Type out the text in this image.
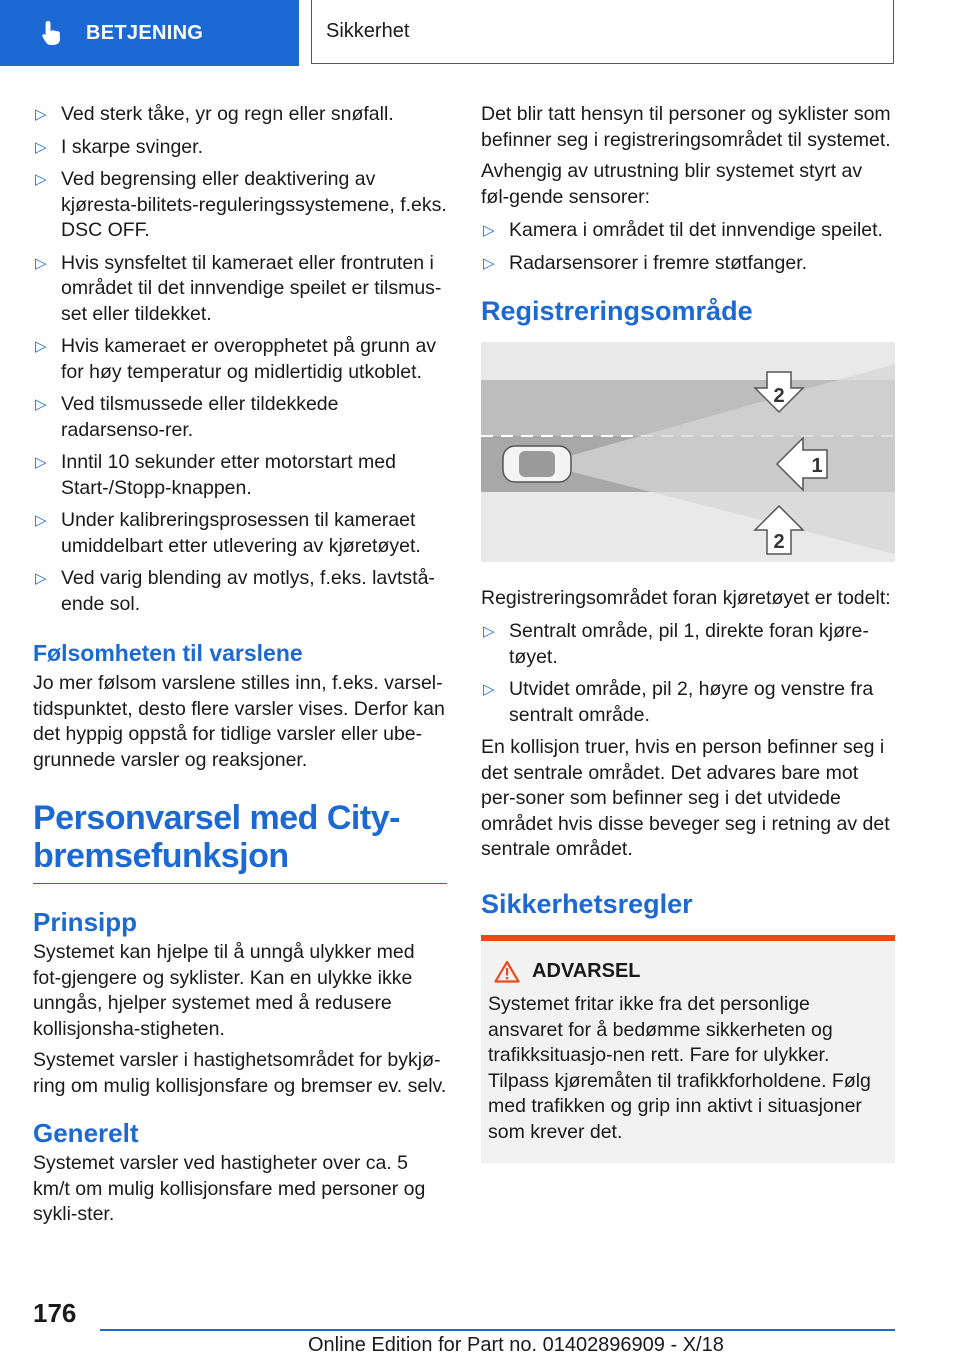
BETJENING	Sikkerhet
▷ Ved sterk tåke, yr og regn eller snøfall.
▷ I skarpe svinger.
▷ Ved begrensing eller deaktivering av kjøresta-bilitets-reguleringssystemene, f.eks. DSC OFF.
▷ Hvis synsfeltet til kameraet eller frontruten i området til det innvendige speilet er tilsmus-set eller tildekket.
▷ Hvis kameraet er overopphetet på grunn av for høy temperatur og midlertidig utkoblet.
▷ Ved tilsmussede eller tildekkede radarsenso-rer.
▷ Inntil 10 sekunder etter motorstart med Start-/Stopp-knappen.
▷ Under kalibreringsprosessen til kameraet umiddelbart etter utlevering av kjøretøyet.
▷ Ved varig blending av motlys, f.eks. lavtstå-ende sol.
Følsomheten til varslene

Jo mer følsom varslene stilles inn, f.eks. varsel-tidspunktet, desto flere varsler vises. Derfor kan det hyppig oppstå for tidlige varsler eller ube-grunnede varsler og reaksjoner.

Personvarsel med City-bremsefunksjon
Prinsipp

Systemet kan hjelpe til å unngå ulykker med fot-gjengere og syklister. Kan en ulykke ikke unngås, hjelper systemet med å redusere kollisjonsha-stigheten.

Systemet varsler i hastighetsområdet for bykjø-ring om mulig kollisjonsfare og bremser ev. selv.

Generelt

Systemet varsler ved hastigheter over ca. 5 km/t om mulig kollisjonsfare med personer og sykli-ster.

Det blir tatt hensyn til personer og syklister som befinner seg i registreringsområdet til systemet.

Avhengig av utrustning blir systemet styrt av føl-gende sensorer:

▷ Kamera i området til det innvendige speilet.
▷ Radarsensorer i fremre støtfanger.
Registreringsområde
2
1
2

Registreringsområdet foran kjøretøyet er todelt:

▷ Sentralt område, pil 1, direkte foran kjøre-tøyet.
▷ Utvidet område, pil 2, høyre og venstre fra sentralt område.

En kollisjon truer, hvis en person befinner seg i det sentrale området. Det advares bare mot per-soner som befinner seg i det utvidede området hvis disse beveger seg i retning av det sentrale området.

Sikkerhetsregler
ADVARSEL

Systemet fritar ikke fra det personlige ansvaret for å bedømme sikkerheten og trafikksituasjo-nen rett. Fare for ulykker. Tilpass kjøremåten til trafikkforholdene. Følg med trafikken og grip inn aktivt i situasjoner som krever det.

176
Online Edition for Part no. 01402896909 - X/18
